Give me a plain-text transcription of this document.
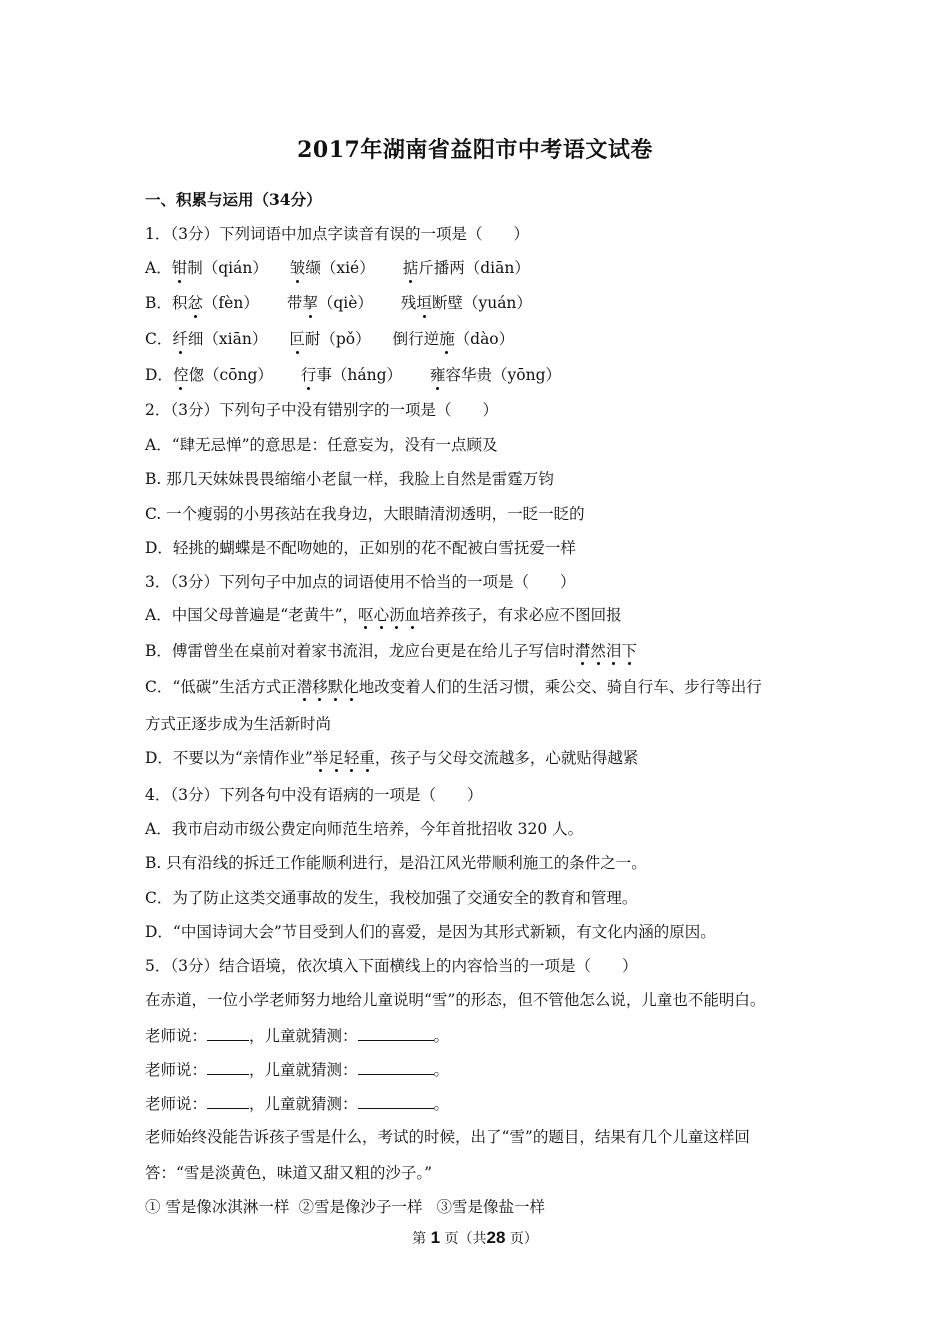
2017年湖南省益阳市中考语文试卷
一、积累与运用（34分）
1．（3分）下列词语中加点字读音有误的一项是（　　）
A．钳制（qián） 皱缬（xié） 掂斤播两（diān）
B．积忿（fèn） 带挈（qiè） 残垣断壁（yuán）
C．纤细（xiān） 叵耐（pǒ） 倒行逆施（dào）
D．倥偬（cōng） 行事（háng） 雍容华贵（yōng）
2．（3分）下列句子中没有错别字的一项是（　　）
A．“肆无忌惮”的意思是：任意妄为，没有一点顾及
B. 那几天妹妹畏畏缩缩小老鼠一样，我脸上自然是雷霆万钧
C. 一个瘦弱的小男孩站在我身边，大眼睛清沏透明，一眨一眨的
D．轻挑的蝴蝶是不配吻她的，正如别的花不配被白雪抚爱一样
3．（3分）下列句子中加点的词语使用不恰当的一项是（　　）
A．中国父母普遍是“老黄牛”，呕心沥血培养孩子，有求必应不图回报
B．傅雷曾坐在桌前对着家书流泪，龙应台更是在给儿子写信时潸然泪下
C．“低碳”生活方式正潜移默化地改变着人们的生活习惯，乘公交、骑自行车、步行等出行
方式正逐步成为生活新时尚
D．不要以为“亲情作业”举足轻重，孩子与父母交流越多，心就贴得越紧
4．（3分）下列各句中没有语病的一项是（　　）
A．我市启动市级公费定向师范生培养，今年首批招收 320 人。
B. 只有沿线的拆迁工作能顺利进行，是沿江风光带顺利施工的条件之一。
C．为了防止这类交通事故的发生，我校加强了交通安全的教育和管理。
D．“中国诗词大会”节目受到人们的喜爱，是因为其形式新颖，有文化内涵的原因。
5．（3分）结合语境，依次填入下面横线上的内容恰当的一项是（　　）
在赤道，一位小学老师努力地给儿童说明“雪”的形态，但不管他怎么说，儿童也不能明白。
老师说：	，儿童就猜测：	。
老师说：	，儿童就猜测：	。
老师说：	，儿童就猜测：	。
老师始终没能告诉孩子雪是什么，考试的时候，出了“雪”的题目，结果有几个儿童这样回
答：“雪是淡黄色，味道又甜又粗的沙子。”
① 雪是像冰淇淋一样 ②雪是像沙子一样 ③雪是像盐一样
第 1 页（共28 页）
